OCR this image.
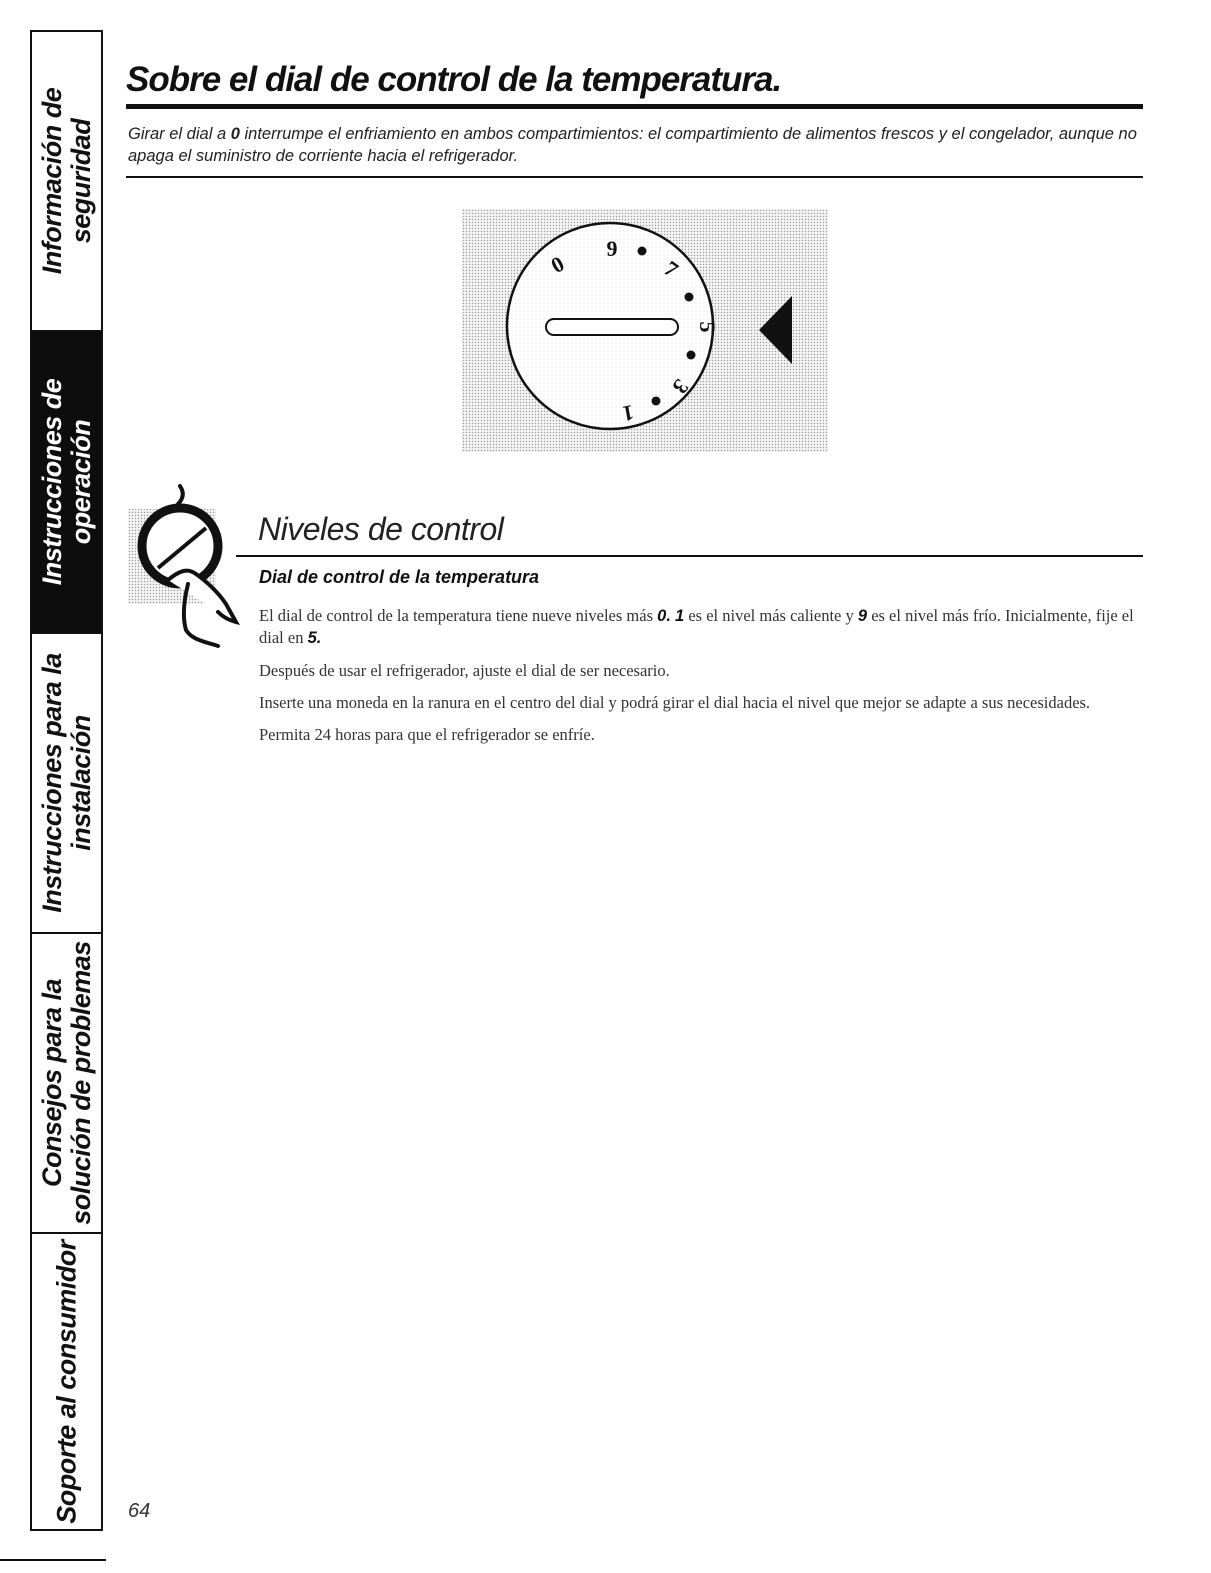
Información de seguridad
Instrucciones de operación
Instrucciones para la instalación
Consejos para la solución de problemas
Soporte al consumidor
Sobre el dial de control de la temperatura.

Girar el dial a 0 interrumpe el enfriamiento en ambos compartimientos: el compartimiento de alimentos frescos y el congelador, aunque no apaga el suministro de corriente hacia el refrigerador.

0
9
7
5
3
1
Niveles de control
Dial de control de la temperatura

El dial de control de la temperatura tiene nueve niveles más 0. 1 es el nivel más caliente y 9 es el nivel más frío. Inicialmente, fije el dial en 5.

Después de usar el refrigerador, ajuste el dial de ser necesario.

Inserte una moneda en la ranura en el centro del dial y podrá girar el dial hacia el nivel que mejor se adapte a sus necesidades.

Permita 24 horas para que el refrigerador se enfríe.

64
